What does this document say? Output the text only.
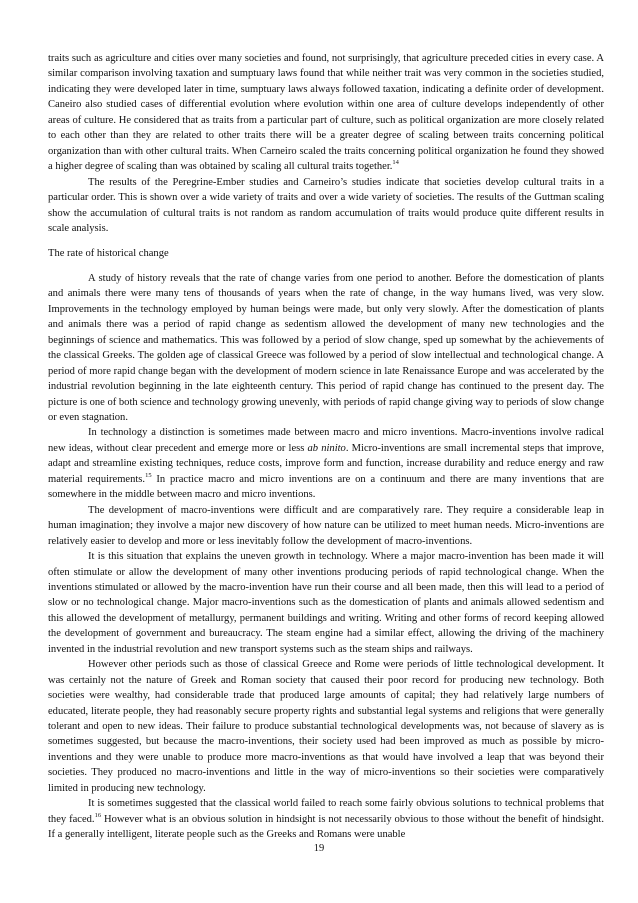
traits such as agriculture and cities over many societies and found, not surprisingly, that agriculture preceded cities in every case. A similar comparison involving taxation and sumptuary laws found that while neither trait was very common in the societies studied, indicating they were developed later in time, sumptuary laws always followed taxation, indicating a definite order of development. Caneiro also studied cases of differential evolution where evolution within one area of culture develops independently of other areas of culture. He considered that as traits from a particular part of culture, such as political organization are more closely related to each other than they are related to other traits there will be a greater degree of scaling between traits concerning political organization than with other cultural traits. When Carneiro scaled the traits concerning political organization he found they showed a higher degree of scaling than was obtained by scaling all cultural traits together.$^{14}$

The results of the Peregrine-Ember studies and Carneiro’s studies indicate that societies develop cultural traits in a particular order. This is shown over a wide variety of traits and over a wide variety of societies. The results of the Guttman scaling show the accumulation of cultural traits is not random as random accumulation of traits would produce quite different results in scale analysis.

The rate of historical change

A study of history reveals that the rate of change varies from one period to another. Before the domestication of plants and animals there were many tens of thousands of years when the rate of change, in the way humans lived, was very slow. Improvements in the technology employed by human beings were made, but only very slowly. After the domestication of plants and animals there was a period of rapid change as sedentism allowed the development of many new technologies and the beginnings of science and mathematics. This was followed by a period of slow change, sped up somewhat by the achievements of the classical Greeks. The golden age of classical Greece was followed by a period of slow intellectual and technological change. A period of more rapid change began with the development of modern science in late Renaissance Europe and was accelerated by the industrial revolution beginning in the late eighteenth century. This period of rapid change has continued to the present day. The picture is one of both science and technology growing unevenly, with periods of rapid change giving way to periods of slow change or even stagnation.

In technology a distinction is sometimes made between macro and micro inventions. Macro-inventions involve radical new ideas, without clear precedent and emerge more or less ab ninito. Micro-inventions are small incremental steps that improve, adapt and streamline existing techniques, reduce costs, improve form and function, increase durability and reduce energy and raw material requirements.$^{15}$ In practice macro and micro inventions are on a continuum and there are many inventions that are somewhere in the middle between macro and micro inventions.

The development of macro-inventions were difficult and are comparatively rare. They require a considerable leap in human imagination; they involve a major new discovery of how nature can be utilized to meet human needs. Micro-inventions are relatively easier to develop and more or less inevitably follow the development of macro-inventions.

It is this situation that explains the uneven growth in technology. Where a major macro-invention has been made it will often stimulate or allow the development of many other inventions producing periods of rapid technological change. When the inventions stimulated or allowed by the macro-invention have run their course and all been made, then this will lead to a period of slow or no technological change. Major macro-inventions such as the domestication of plants and animals allowed sedentism and this allowed the development of metallurgy, permanent buildings and writing. Writing and other forms of record keeping allowed the development of government and bureaucracy. The steam engine had a similar effect, allowing the driving of the machinery invented in the industrial revolution and new transport systems such as the steam ships and railways.

However other periods such as those of classical Greece and Rome were periods of little technological development. It was certainly not the nature of Greek and Roman society that caused their poor record for producing new technology. Both societies were wealthy, had considerable trade that produced large amounts of capital; they had relatively large numbers of educated, literate people, they had reasonably secure property rights and substantial legal systems and religions that were generally tolerant and open to new ideas. Their failure to produce substantial technological developments was, not because of slavery as is sometimes suggested, but because the macro-inventions, their society used had been improved as much as possible by micro-inventions and they were unable to produce more macro-inventions as that would have involved a leap that was beyond their societies. They produced no macro-inventions and little in the way of micro-inventions so their societies were comparatively limited in producing new technology.

It is sometimes suggested that the classical world failed to reach some fairly obvious solutions to technical problems that they faced.$^{16}$ However what is an obvious solution in hindsight is not necessarily obvious to those without the benefit of hindsight. If a generally intelligent, literate people such as the Greeks and Romans were unable

19
